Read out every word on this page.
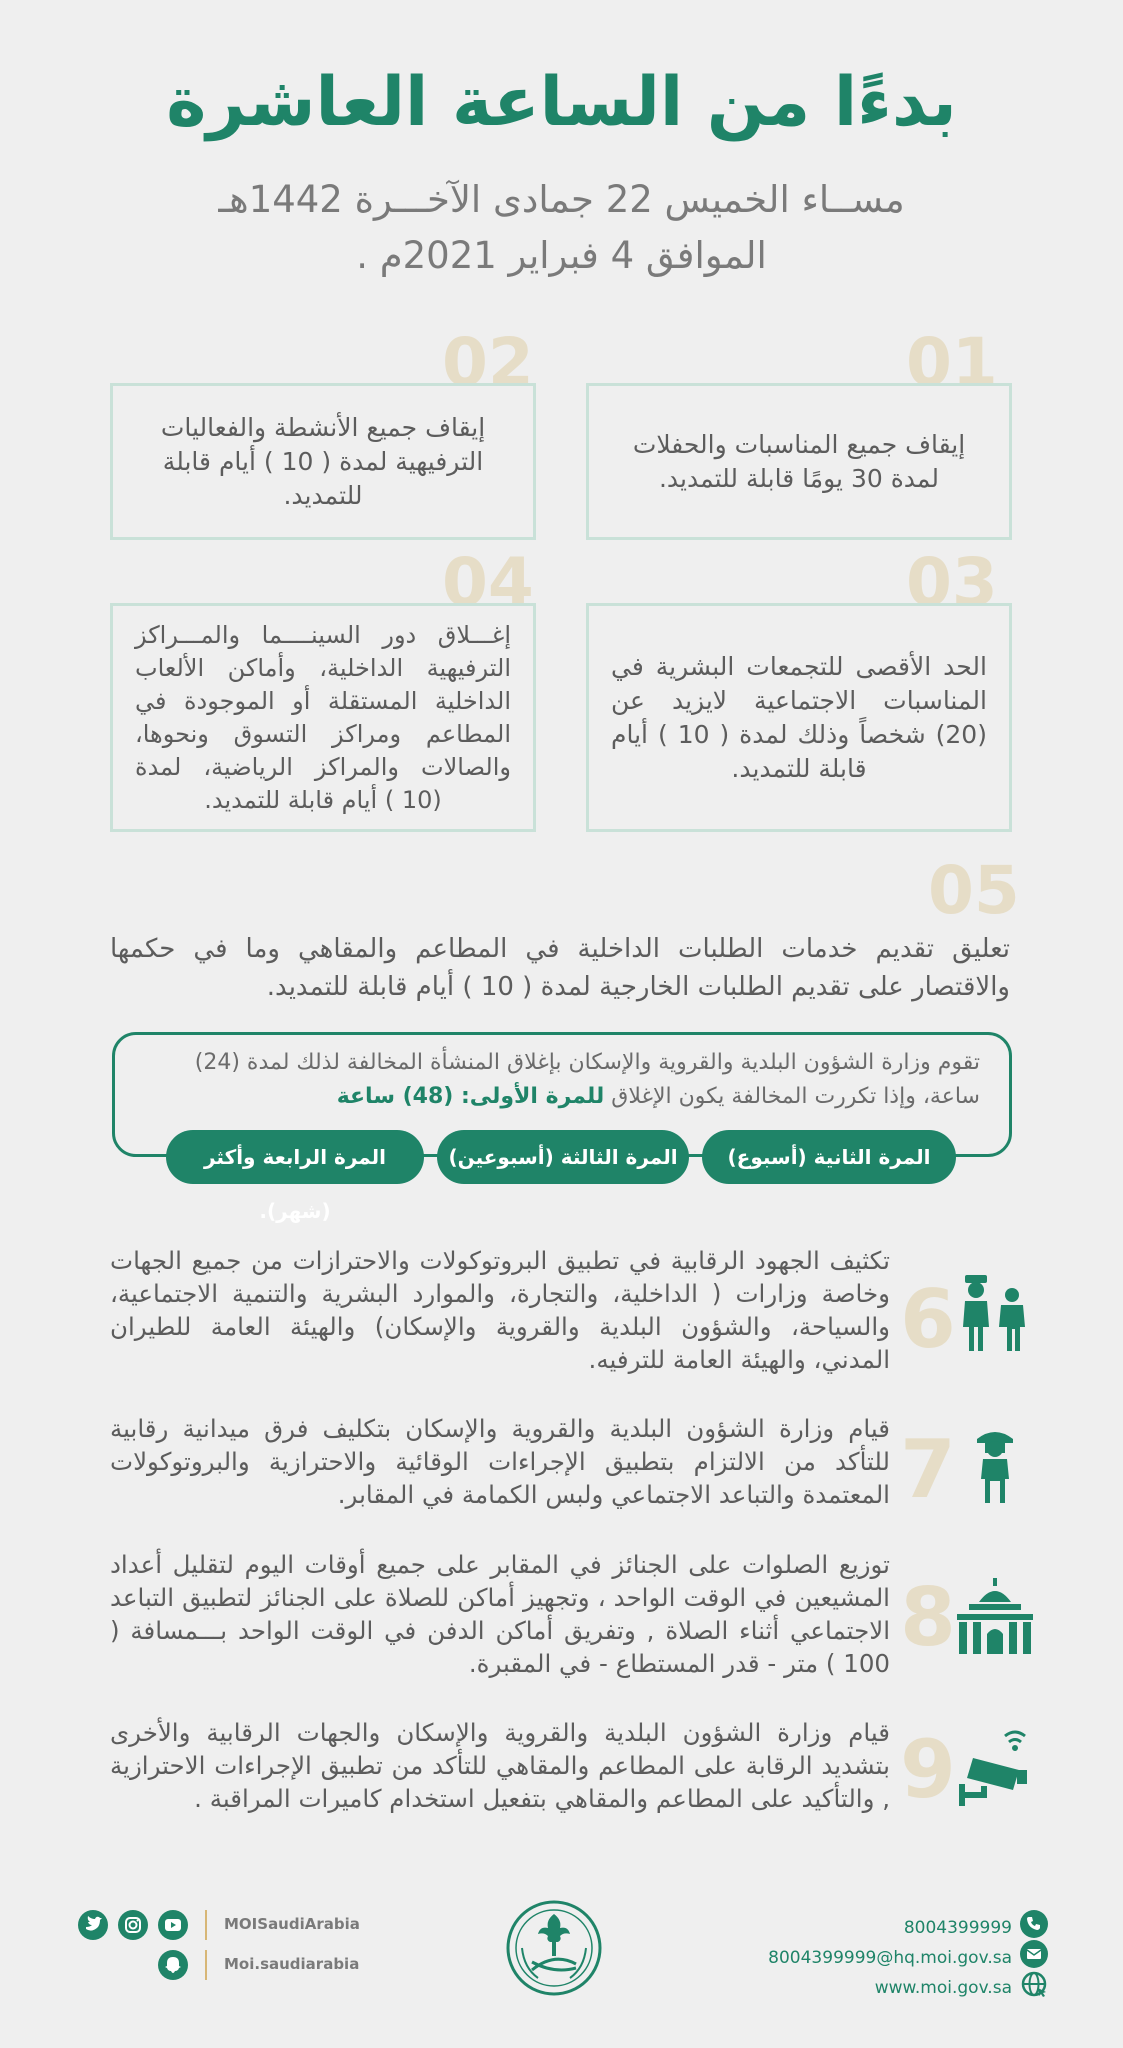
بدءًا من الساعة العاشرة
مســاء الخميس 22 جمادى الآخـــرة 1442هـ
الموافق 4 فبراير 2021م .
01
إيقاف جميع المناسبات والحفلات لمدة 30 يومًا قابلة للتمديد.
02
إيقاف جميع الأنشطة والفعاليات الترفيهية لمدة ( 10 ) أيام قابلة للتمديد.
03
الحد الأقصى للتجمعات البشرية في المناسبات الاجتماعية لايزيد عن (20) شخصاً وذلك لمدة ( 10 ) أيام قابلة للتمديد.
04
إغـــلاق دور السينــــما والمـــراكز الترفيهية الداخلية، وأماكن الألعاب الداخلية المستقلة أو الموجودة في المطاعم ومراكز التسوق ونحوها، والصالات والمراكز الرياضية، لمدة (10 ) أيام قابلة للتمديد.
05
تعليق تقديم خدمات الطلبات الداخلية في المطاعم والمقاهي وما في حكمها والاقتصار على تقديم الطلبات الخارجية لمدة ( 10 ) أيام قابلة للتمديد.
تقوم وزارة الشؤون البلدية والقروية والإسكان بإغلاق المنشأة المخالفة لذلك لمدة (24) ساعة، وإذا تكررت المخالفة يكون الإغلاق للمرة الأولى: (48) ساعة
المرة الثانية (أسبوع)
المرة الثالثة (أسبوعين)
المرة الرابعة وأكثر (شهر).
6
تكثيف الجهود الرقابية في تطبيق البروتوكولات والاحترازات من جميع الجهات وخاصة وزارات ( الداخلية، والتجارة، والموارد البشرية والتنمية الاجتماعية، والسياحة، والشؤون البلدية والقروية والإسكان) والهيئة العامة للطيران المدني، والهيئة العامة للترفيه.
7
قيام وزارة الشؤون البلدية والقروية والإسكان بتكليف فرق ميدانية رقابية للتأكد من الالتزام بتطبيق الإجراءات الوقائية والاحترازية والبروتوكولات المعتمدة والتباعد الاجتماعي ولبس الكمامة في المقابر.
8
توزيع الصلوات على الجنائز في المقابر على جميع أوقات اليوم لتقليل أعداد المشيعين في الوقت الواحد ، وتجهيز أماكن للصلاة على الجنائز لتطبيق التباعد الاجتماعي أثناء الصلاة , وتفريق أماكن الدفن في الوقت الواحد بـــمسافة ( 100 ) متر - قدر المستطاع - في المقبرة.
9
قيام وزارة الشؤون البلدية والقروية والإسكان والجهات الرقابية والأخرى بتشديد الرقابة على المطاعم والمقاهي للتأكد من تطبيق الإجراءات الاحترازية , والتأكيد على المطاعم والمقاهي بتفعيل استخدام كاميرات المراقبة .
MOISaudiArabia
Moi.saudiarabia
8004399999
8004399999@hq.moi.gov.sa
www.moi.gov.sa
